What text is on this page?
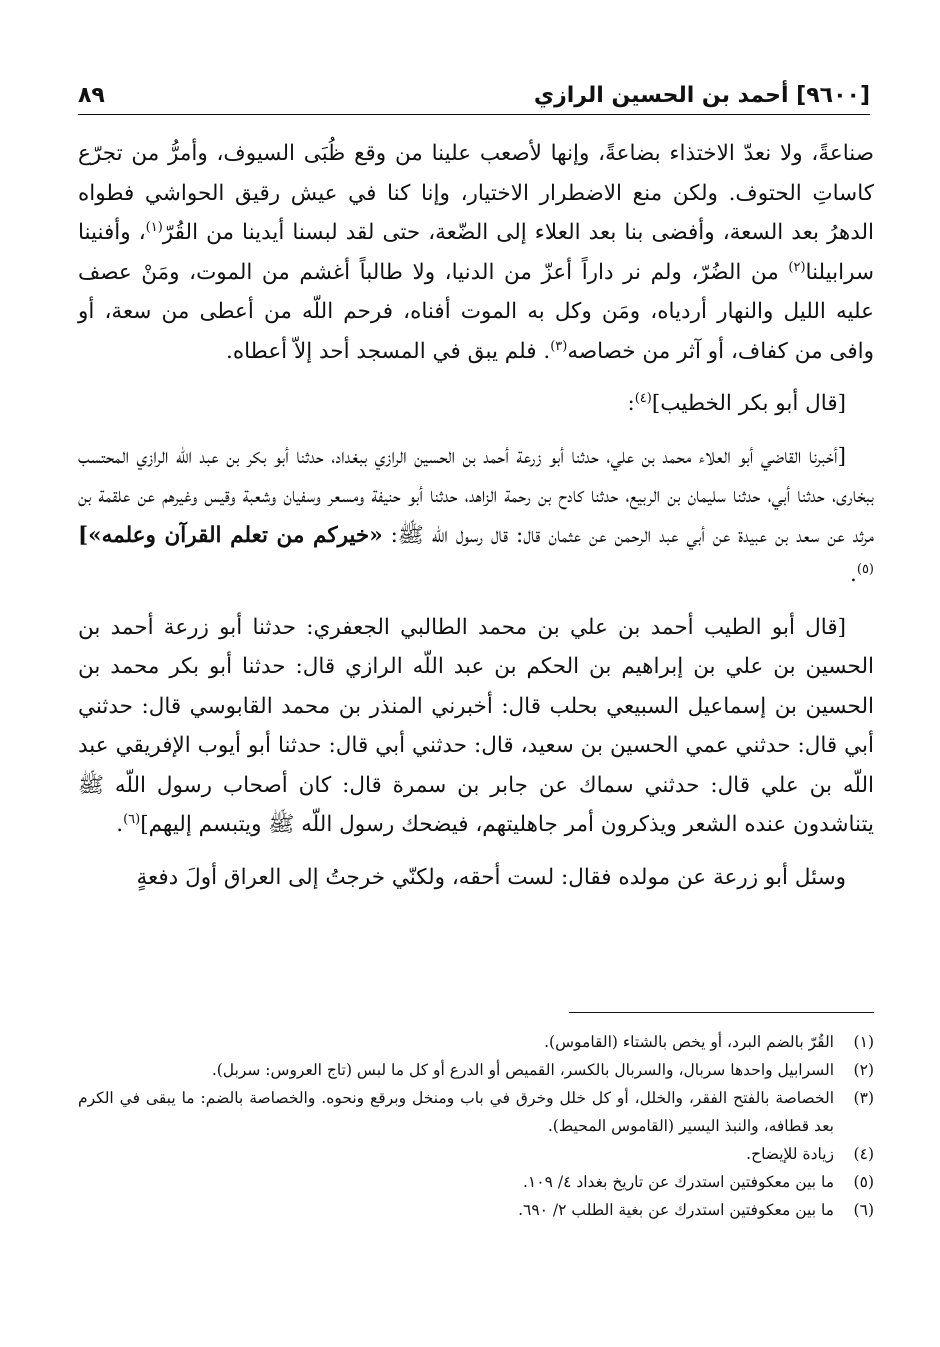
[٩٦٠٠] أحمد بن الحسين الرازي
٨٩

صناعةً، ولا نعدّ الاختذاء بضاعةً، وإنها لأصعب علينا من وقع ظُبَى السيوف، وأمرُّ من تجرّع كاساتِ الحتوف. ولكن منع الاضطرار الاختيار، وإنا كنا في عيش رقيق الحواشي فطواه الدهرُ بعد السعة، وأفضى بنا بعد العلاء إلى الضّعة، حتى لقد لبسنا أيدينا من القُرّ$^{(١)}$، وأفنينا سرابيلنا$^{(٢)}$ من الضُرّ، ولم نر داراً أعزّ من الدنيا، ولا طالباً أغشم من الموت، ومَنْ عصف عليه الليل والنهار أردياه، ومَن وكل به الموت أفناه، فرحم اللّه من أعطى من سعة، أو وافى من كفاف، أو آثر من خصاصه$^{(٣)}$. فلم يبق في المسجد أحد إلاّ أعطاه.

[قال أبو بكر الخطيب]$^{(٤)}$:

[أخبرنا القاضي أبو العلاء محمد بن علي، حدثنا أبو زرعة أحمد بن الحسين الرازي ببغداد، حدثنا أبو بكر بن عبد اللّه الرازي المحتسب ببخارى، حدثنا أبي، حدثنا سليمان بن الربيع، حدثنا كادح بن رحمة الزاهد، حدثنا أبو حنيفة ومسعر وسفيان وشعبة وقيس وغيرهم عن علقمة بن مرثد عن سعد بن عبيدة عن أبي عبد الرحمن عن عثمان قال: قال رسول اللّه ﷺ: «خيركم من تعلم القرآن وعلمه»]$^{(٥)}$.

[قال أبو الطيب أحمد بن علي بن محمد الطالبي الجعفري: حدثنا أبو زرعة أحمد بن الحسين بن علي بن إبراهيم بن الحكم بن عبد اللّه الرازي قال: حدثنا أبو بكر محمد بن الحسين بن إسماعيل السبيعي بحلب قال: أخبرني المنذر بن محمد القابوسي قال: حدثني أبي قال: حدثني عمي الحسين بن سعيد، قال: حدثني أبي قال: حدثنا أبو أيوب الإفريقي عبد اللّه بن علي قال: حدثني سماك عن جابر بن سمرة قال: كان أصحاب رسول اللّه ﷺ يتناشدون عنده الشعر ويذكرون أمر جاهليتهم، فيضحك رسول اللّه ﷺ ويتبسم إليهم]$^{(٦)}$.

وسئل أبو زرعة عن مولده فقال: لست أحقه، ولكنّي خرجتُ إلى العراق أولَ دفعةٍ

(١)
القُرّ بالضم البرد، أو يخص بالشتاء (القاموس).
(٢)
السرابيل واحدها سربال، والسربال بالكسر، القميص أو الدرع أو كل ما لبس (تاج العروس: سربل).
(٣)
الخصاصة بالفتح الفقر، والخلل، أو كل خلل وخرق في باب ومنخل وبرقع ونحوه. والخصاصة بالضم: ما يبقى في الكرم بعد قطافه، والنبذ اليسير (القاموس المحيط).
(٤)
زيادة للإيضاح.
(٥)
ما بين معكوفتين استدرك عن تاريخ بغداد ٤/ ١٠٩.
(٦)
ما بين معكوفتين استدرك عن بغية الطلب ٢/ ٦٩٠.
